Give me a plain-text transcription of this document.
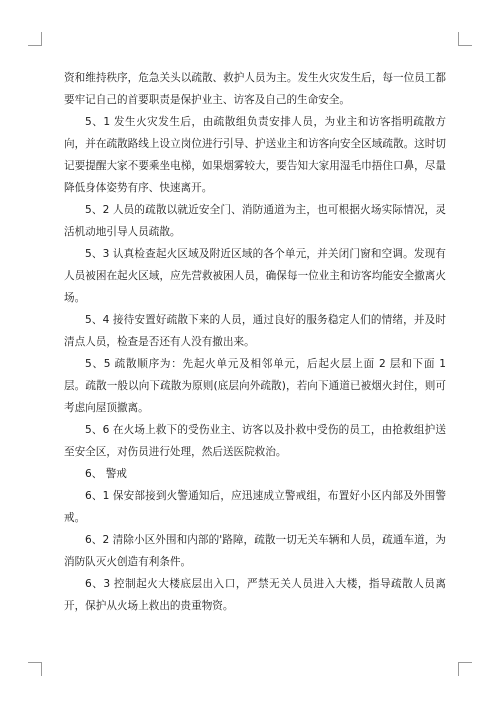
资和维持秩序，危急关头以疏散、救护人员为主。发生火灾发生后，每一位员工都要牢记自己的首要职责是保护业主、访客及自己的生命安全。

5、1 发生火灾发生后，由疏散组负责安排人员，为业主和访客指明疏散方向，并在疏散路线上设立岗位进行引导、护送业主和访客向安全区域疏散。这时切记要提醒大家不要乘坐电梯，如果烟雾较大，要告知大家用湿毛巾捂住口鼻，尽量降低身体姿势有序、快速离开。

5、2 人员的疏散以就近安全门、消防通道为主，也可根据火场实际情况，灵活机动地引导人员疏散。

5、3 认真检查起火区域及附近区域的各个单元，并关闭门窗和空调。发现有人员被困在起火区域，应先营救被困人员，确保每一位业主和访客均能安全撤离火场。

5、4 接待安置好疏散下来的人员，通过良好的服务稳定人们的情绪，并及时清点人员，检查是否还有人没有撤出来。

5、5 疏散顺序为：先起火单元及相邻单元，后起火层上面 2 层和下面 1 层。疏散一般以向下疏散为原则(底层向外疏散)，若向下通道已被烟火封住，则可考虑向屋顶撤离。

5、6 在火场上救下的受伤业主、访客以及扑救中受伤的员工，由抢救组护送至安全区，对伤员进行处理，然后送医院救治。

6、 警戒

6、1 保安部接到火警通知后，应迅速成立警戒组，布置好小区内部及外围警戒。

6、2 清除小区外围和内部的'路障，疏散一切无关车辆和人员，疏通车道，为消防队灭火创造有利条件。

6、3 控制起火大楼底层出入口，严禁无关人员进入大楼，指导疏散人员离开，保护从火场上救出的贵重物资。
